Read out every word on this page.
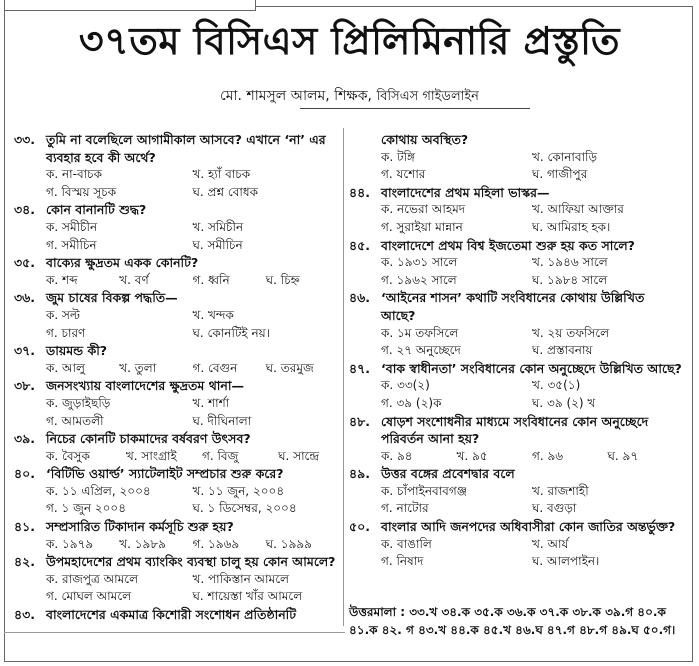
৩৭তম বিসিএস প্রিলিমিনারি প্রস্তুতি
মো. শামসুল আলম, শিক্ষক, বিসিএস গাইডলাইন
৩৩. তুমি না বলেছিলে আগামীকাল আসবে? এখানে ‘না’ এর ব্যবহার হবে কী অর্থে?
ক. না-বাচক	খ. হ্যাঁ বাচক
গ. বিস্ময় সূচক	ঘ. প্রশ্ন বোধক
৩৪. কোন বানানটি শুদ্ধ?
ক. সমীচীন	খ. সমিচীন
গ. সমীচিন	ঘ. সমীচিন
৩৫. বাক্যের ক্ষুদ্রতম একক কোনটি?
ক. শব্দ	খ. বর্ণ	গ. ধ্বনি	ঘ. চিহ্ন
৩৬. জুম চাষের বিকল্প পদ্ধতি—
ক. সল্ট	খ. খন্দক
গ. চারণ	ঘ. কোনটিই নয়।
৩৭. ডায়মন্ড কী?
ক. আলু	খ. তুলা	গ. বেগুন	ঘ. তরমুজ
৩৮. জনসংখ্যায় বাংলাদেশের ক্ষুদ্রতম থানা—
ক. জুড়াইছড়ি	খ. শার্শা
গ. আমতলী	ঘ. দীঘিনালা
৩৯. নিচের কোনটি চাকমাদের বর্ষবরণ উৎসব?
ক. বৈসুক	খ. সাংগ্রাই	গ. বিজু	ঘ. সান্দ্রে
৪০. ‘বিটিভি ওয়ার্ল্ড’ স্যাটেলাইট সম্প্রচার শুরু করে?
ক. ১১ এপ্রিল, ২০০৪	খ. ১১ জুন, ২০০৪
গ. ১ জুন ২০০৪	ঘ. ১ ডিসেম্বর, ২০০৪
৪১. সম্প্রসারিত টিকাদান কর্মসূচি শুরু হয়?
ক. ১৯৭৯	খ. ১৯৮৯	গ. ১৯৬৯	ঘ. ১৯৯৯
৪২. উপমহাদেশের প্রথম ব্যাংকিং ব্যবস্থা চালু হয় কোন আমলে?
ক. রাজপুত্র আমলে	খ. পাকিস্তান আমলে
গ. মোঘল আমলে	ঘ. শায়েস্তা খাঁর আমলে
৪৩. বাংলাদেশের একমাত্র কিশোরী সংশোধন প্রতিষ্ঠানটি
কোথায় অবস্থিত?
ক. টঙ্গি	খ. কোনাবাড়ি
গ. যশোর	ঘ. গাজীপুর
৪৪. বাংলাদেশের প্রথম মহিলা ভাস্কর—
ক. নভেরা আহমদ	খ. আফিয়া আক্তার
গ. সুরাইয়া মান্নান	ঘ. আমিরাহ হক।
৪৫. বাংলাদেশে প্রথম বিশ্ব ইজতেমা শুরু হয় কত সালে?
ক. ১৯৩১ সালে	খ. ১৯৪৬ সালে
গ. ১৯৬২ সালে	ঘ. ১৯৮৪ সালে
৪৬. ‘আইনের শাসন’ কথাটি সংবিধানের কোথায় উল্লিখিত আছে?
ক. ১ম তফসিলে	খ. ২য় তফসিলে
গ. ২৭ অনুচ্ছেদে	ঘ. প্রস্তাবনায়
৪৭. ‘বাক স্বাধীনতা’ সংবিধানের কোন অনুচ্ছেদে উল্লিখিত আছে?
ক. ৩৩(২)	খ. ৩৫(১)
গ. ৩৯ (২)ক	ঘ. ৩৯ (২) খ
৪৮. ষোড়শ সংশোধনীর মাধ্যমে সংবিধানের কোন অনুচ্ছেদে পরিবর্তন আনা হয়?
ক. ৯৪	খ. ৯৫	গ. ৯৬	ঘ. ৯৭
৪৯. উত্তর বঙ্গের প্রবেশদ্বার বলে
ক. চাঁপাইনবাবগঞ্জ	খ. রাজশাহী
গ. নাটোর	ঘ. বগুড়া
৫০. বাংলার আদি জনপদের অধিবাসীরা কোন জাতির অন্তর্ভুক্ত?
ক. বাঙালি	খ. আর্য
গ. নিষাদ	ঘ. আলপাইন।
উত্তরমালা : ৩৩.খ ৩৪.ক ৩৫.ক ৩৬.ক ৩৭.ক ৩৮.ক ৩৯.গ ৪০.ক ৪১.ক ৪২. গ ৪৩.খ ৪৪.ক ৪৫.খ ৪৬.ঘ ৪৭.গ ৪৮.গ ৪৯.ঘ ৫০.গ।
